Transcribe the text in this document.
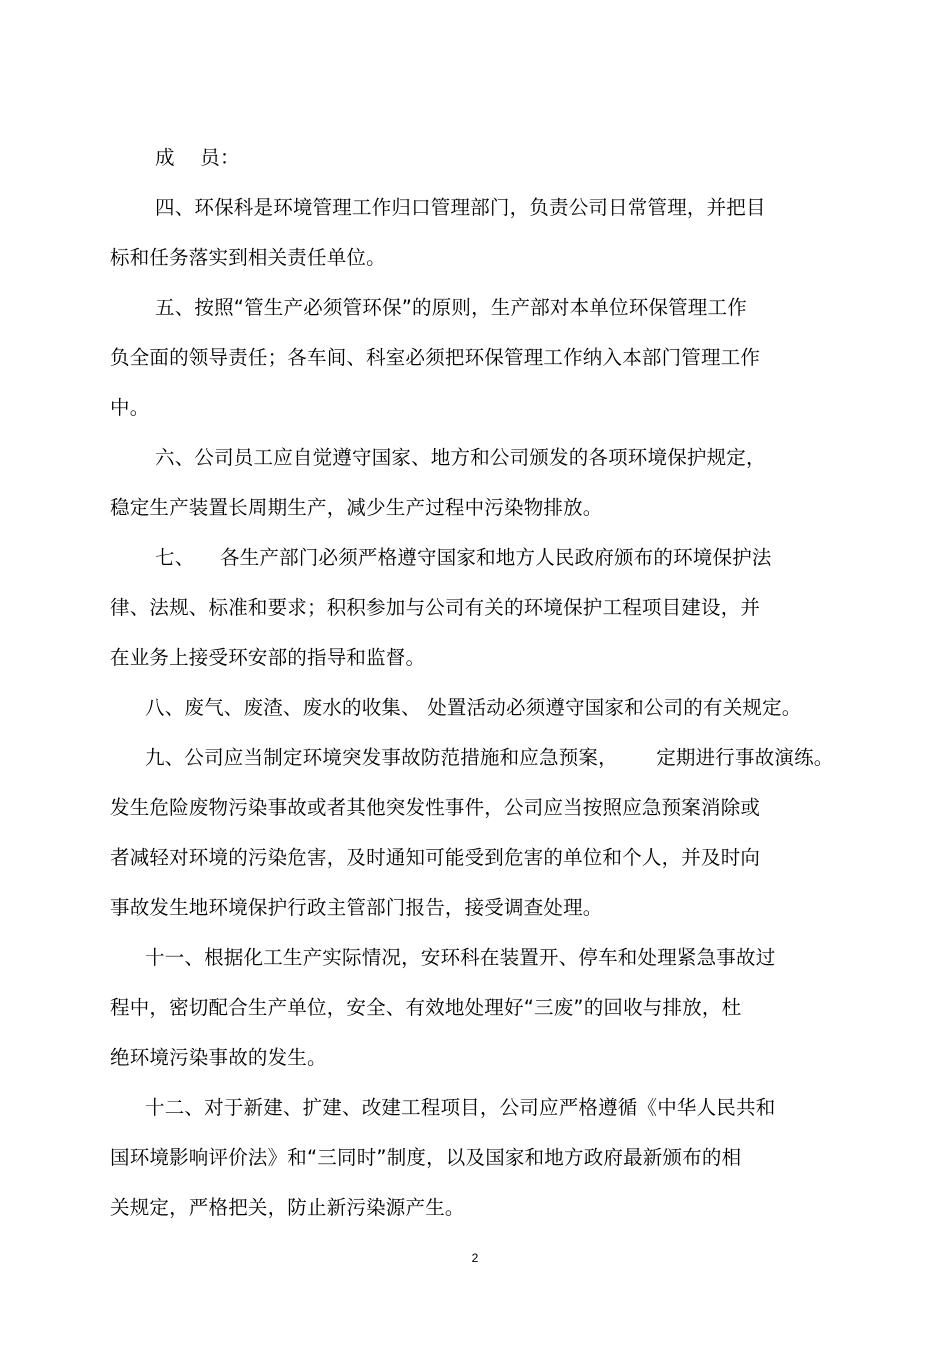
成    员：
四、环保科是环境管理工作归口管理部门，负责公司日常管理，并把目
标和任务落实到相关责任单位。
五、按照“管生产必须管环保”的原则，生产部对本单位环保管理工作
负全面的领导责任；各车间、科室必须把环保管理工作纳入本部门管理工作
中。
六、公司员工应自觉遵守国家、地方和公司颁发的各项环境保护规定，
稳定生产装置长周期生产，减少生产过程中污染物排放。
七、    各生产部门必须严格遵守国家和地方人民政府颁布的环境保护法
律、法规、标准和要求；积积参加与公司有关的环境保护工程项目建设，并
在业务上接受环安部的指导和监督。
八、废气、废渣、废水的收集、 处置活动必须遵守国家和公司的有关规定。
九、公司应当制定环境突发事故防范措施和应急预案，      定期进行事故演练。
发生危险废物污染事故或者其他突发性事件，公司应当按照应急预案消除或
者减轻对环境的污染危害，及时通知可能受到危害的单位和个人，并及时向
事故发生地环境保护行政主管部门报告，接受调查处理。
十一、根据化工生产实际情况，安环科在装置开、停车和处理紧急事故过
程中，密切配合生产单位，安全、有效地处理好“三废”的回收与排放，杜
绝环境污染事故的发生。
十二、对于新建、扩建、改建工程项目，公司应严格遵循《中华人民共和
国环境影响评价法》和“三同时”制度，以及国家和地方政府最新颁布的相
关规定，严格把关，防止新污染源产生。
2
